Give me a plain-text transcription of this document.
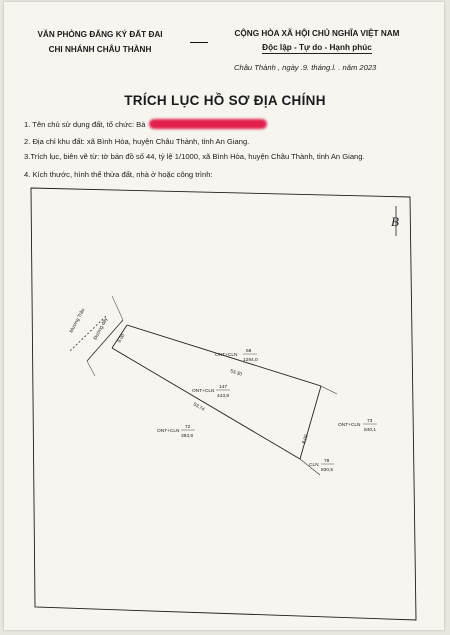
VĂN PHÒNG ĐĂNG KÝ ĐẤT ĐAI
CHI NHÁNH CHÂU THÀNH
CỘNG HÒA XÃ HỘI CHỦ NGHĨA VIỆT NAM
Độc lập - Tự do - Hạnh phúc
Châu Thành , ngày .9. tháng.l. . năm 2023
TRÍCH LỤC HỒ SƠ ĐỊA CHÍNH
1. Tên chủ sử dụng đất, tổ chức: Bà
2. Địa chỉ khu đất: xã Bình Hòa, huyện Châu Thành, tỉnh An Giang.
3.Trích lục, biên vẽ từ: tờ bản đồ số 44, tỷ lệ 1/1000, xã Bình Hòa, huyện Châu Thành, tỉnh An Giang.
4. Kích thước, hình thể thửa đất, nhà ở hoặc công trình:
Mương Trâu Đường dây 8.00
53.30
53.74
8.00
ONT+CLN
58
1294,0
ONT+CLN
147
443,8
ONT+CLN
72
393,9
ONT+CLN
73
840,1
CLN
78
830,5
B
